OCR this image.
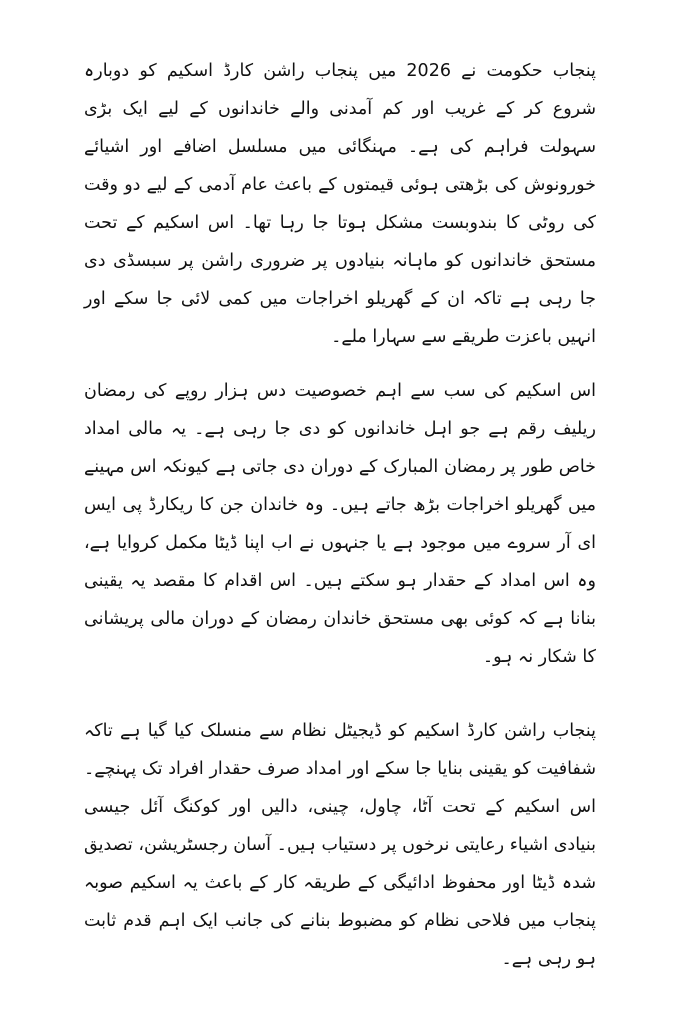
پنجاب حکومت نے 2026 میں پنجاب راشن کارڈ اسکیم کو دوبارہ شروع کر کے غریب اور کم آمدنی والے خاندانوں کے لیے ایک بڑی سہولت فراہم کی ہے۔ مہنگائی میں مسلسل اضافے اور اشیائے خورونوش کی بڑھتی ہوئی قیمتوں کے باعث عام آدمی کے لیے دو وقت کی روٹی کا بندوبست مشکل ہوتا جا رہا تھا۔ اس اسکیم کے تحت مستحق خاندانوں کو ماہانہ بنیادوں پر ضروری راشن پر سبسڈی دی جا رہی ہے تاکہ ان کے گھریلو اخراجات میں کمی لائی جا سکے اور انہیں باعزت طریقے سے سہارا ملے۔

اس اسکیم کی سب سے اہم خصوصیت دس ہزار روپے کی رمضان ریلیف رقم ہے جو اہل خاندانوں کو دی جا رہی ہے۔ یہ مالی امداد خاص طور پر رمضان المبارک کے دوران دی جاتی ہے کیونکہ اس مہینے میں گھریلو اخراجات بڑھ جاتے ہیں۔ وہ خاندان جن کا ریکارڈ پی ایس ای آر سروے میں موجود ہے یا جنہوں نے اب اپنا ڈیٹا مکمل کروایا ہے، وہ اس امداد کے حقدار ہو سکتے ہیں۔ اس اقدام کا مقصد یہ یقینی بنانا ہے کہ کوئی بھی مستحق خاندان رمضان کے دوران مالی پریشانی کا شکار نہ ہو۔

پنجاب راشن کارڈ اسکیم کو ڈیجیٹل نظام سے منسلک کیا گیا ہے تاکہ شفافیت کو یقینی بنایا جا سکے اور امداد صرف حقدار افراد تک پہنچے۔ اس اسکیم کے تحت آٹا، چاول، چینی، دالیں اور کوکنگ آئل جیسی بنیادی اشیاء رعایتی نرخوں پر دستیاب ہیں۔ آسان رجسٹریشن، تصدیق شدہ ڈیٹا اور محفوظ ادائیگی کے طریقہ کار کے باعث یہ اسکیم صوبہ پنجاب میں فلاحی نظام کو مضبوط بنانے کی جانب ایک اہم قدم ثابت ہو رہی ہے۔
